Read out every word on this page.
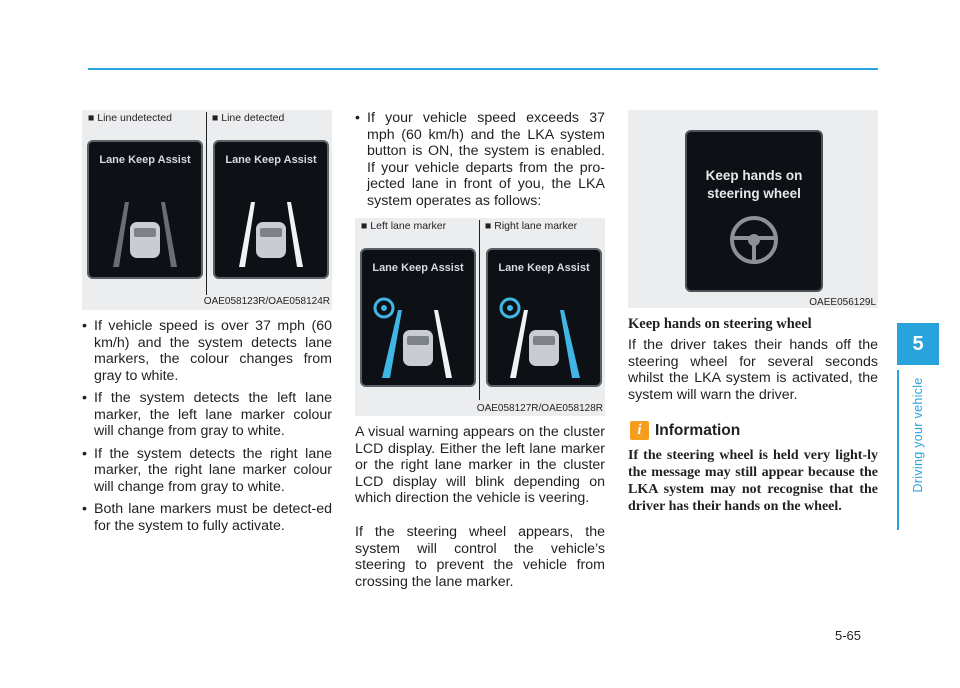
■ Line undetected	■ Line detected
Lane Keep Assist	Lane Keep Assist
OAE058123R/OAE058124R
• If vehicle speed is over 37 mph (60 km/h) and the system detects lane markers, the colour changes from gray to white.
• If the system detects the left lane marker, the left lane marker colour will change from gray to white.
• If the system detects the right lane marker, the right lane marker colour will change from gray to white.
• Both lane markers must be detect-ed for the system to fully activate.
• If your vehicle speed exceeds 37 mph (60 km/h) and the LKA system button is ON, the system is enabled. If your vehicle departs from the pro-jected lane in front of you, the LKA system operates as follows:
■ Left lane marker	■ Right lane marker
Lane Keep Assist	Lane Keep Assist
OAE058127R/OAE058128R

A visual warning appears on the cluster LCD display. Either the left lane marker or the right lane marker in the cluster LCD display will blink depending on which direction the vehicle is veering.

If the steering wheel appears, the system will control the vehicle’s steering to prevent the vehicle from crossing the lane marker.

Keep hands on
steering wheel
OAEE056129L
Keep hands on steering wheel

If the driver takes their hands off the steering wheel for several seconds whilst the LKA system is activated, the system will warn the driver.

i Information

If the steering wheel is held very light-ly the message may still appear because the LKA system may not recognise that the driver has their hands on the wheel.

5
Driving your vehicle
5-65
